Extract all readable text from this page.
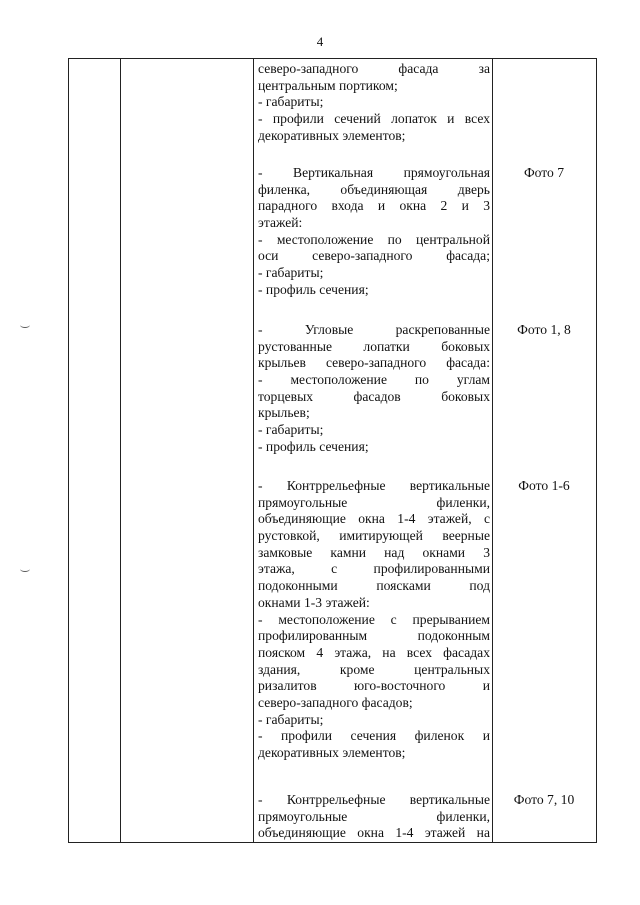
4
северо-западного фасада за
центральным портиком;
- габариты;
- профили сечений лопаток и всех
декоративных элементов;
- Вертикальная прямоугольная
филенка, объединяющая дверь
парадного входа и окна 2 и 3
этажей:
- местоположение по центральной
оси северо-западного фасада;
- габариты;
- профиль сечения;
Фото 7
- Угловые раскрепованные
рустованные лопатки боковых
крыльев северо-западного фасада:
- местоположение по углам
торцевых фасадов боковых
крыльев;
- габариты;
- профиль сечения;
Фото 1, 8
- Контррельефные вертикальные
прямоугольные филенки,
объединяющие окна 1-4 этажей, с
рустовкой, имитирующей веерные
замковые камни над окнами 3
этажа, с профилированными
подоконными поясками под
окнами 1-3 этажей:
- местоположение с прерыванием
профилированным подоконным
пояском 4 этажа, на всех фасадах
здания, кроме центральных
ризалитов юго-восточного и
северо-западного фасадов;
- габариты;
- профили сечения филенок и
декоративных элементов;
Фото 1-6
- Контррельефные вертикальные
прямоугольные филенки,
объединяющие окна 1-4 этажей на
Фото 7, 10
